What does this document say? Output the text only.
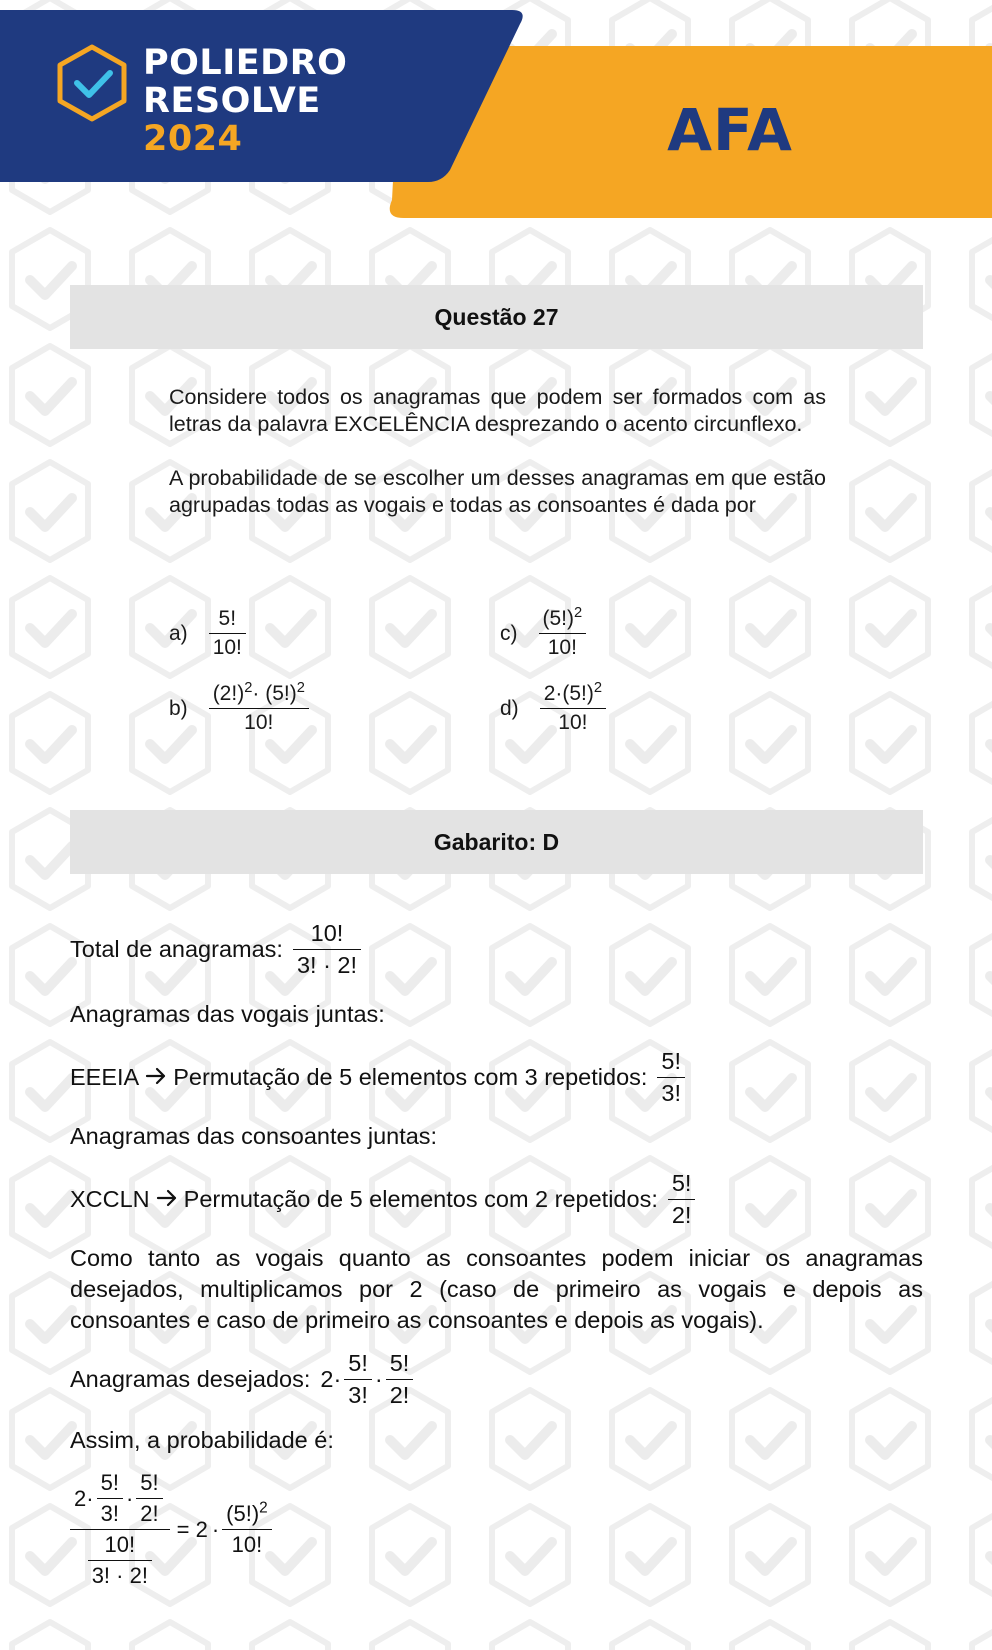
POLIEDRO
RESOLVE
2024	AFA
Questão 27

Considere todos os anagramas que podem ser formados com as letras da palavra EXCELÊNCIA desprezando o acento circunflexo.

A probabilidade de se escolher um desses anagramas em que estão agrupadas todas as vogais e todas as consoantes é dada por

$a) \frac{5!}{10!}$
$b) \frac{(2!)^2\cdot (5!)^2}{10!}$
$c) \frac{(5!)^2}{10!}$
$d) \frac{2\cdot(5!)^2}{10!}$
Gabarito: D
Total de anagramas: $\frac{10!}{3! \cdot 2!}$
Anagramas das vogais juntas:
EEEIA Permutação de 5 elementos com 3 repetidos: $\frac{5!}{3!}$
Anagramas das consoantes juntas:
XCCLN Permutação de 5 elementos com 2 repetidos: $\frac{5!}{2!}$

Como tanto as vogais quanto as consoantes podem iniciar os anagramas desejados, multiplicamos por 2 (caso de primeiro as vogais e depois as consoantes e caso de primeiro as consoantes e depois as vogais).

Anagramas desejados: $2 \cdot \frac{5!}{3!} \cdot \frac{5!}{2!}$
Assim, a probabilidade é:
$2 \cdot \frac{5!}{3!} \cdot \frac{5!}{2!}$
$\frac{10!}{3! \cdot 2!}$
= $2 \cdot \frac{(5!)^2}{10!}$
